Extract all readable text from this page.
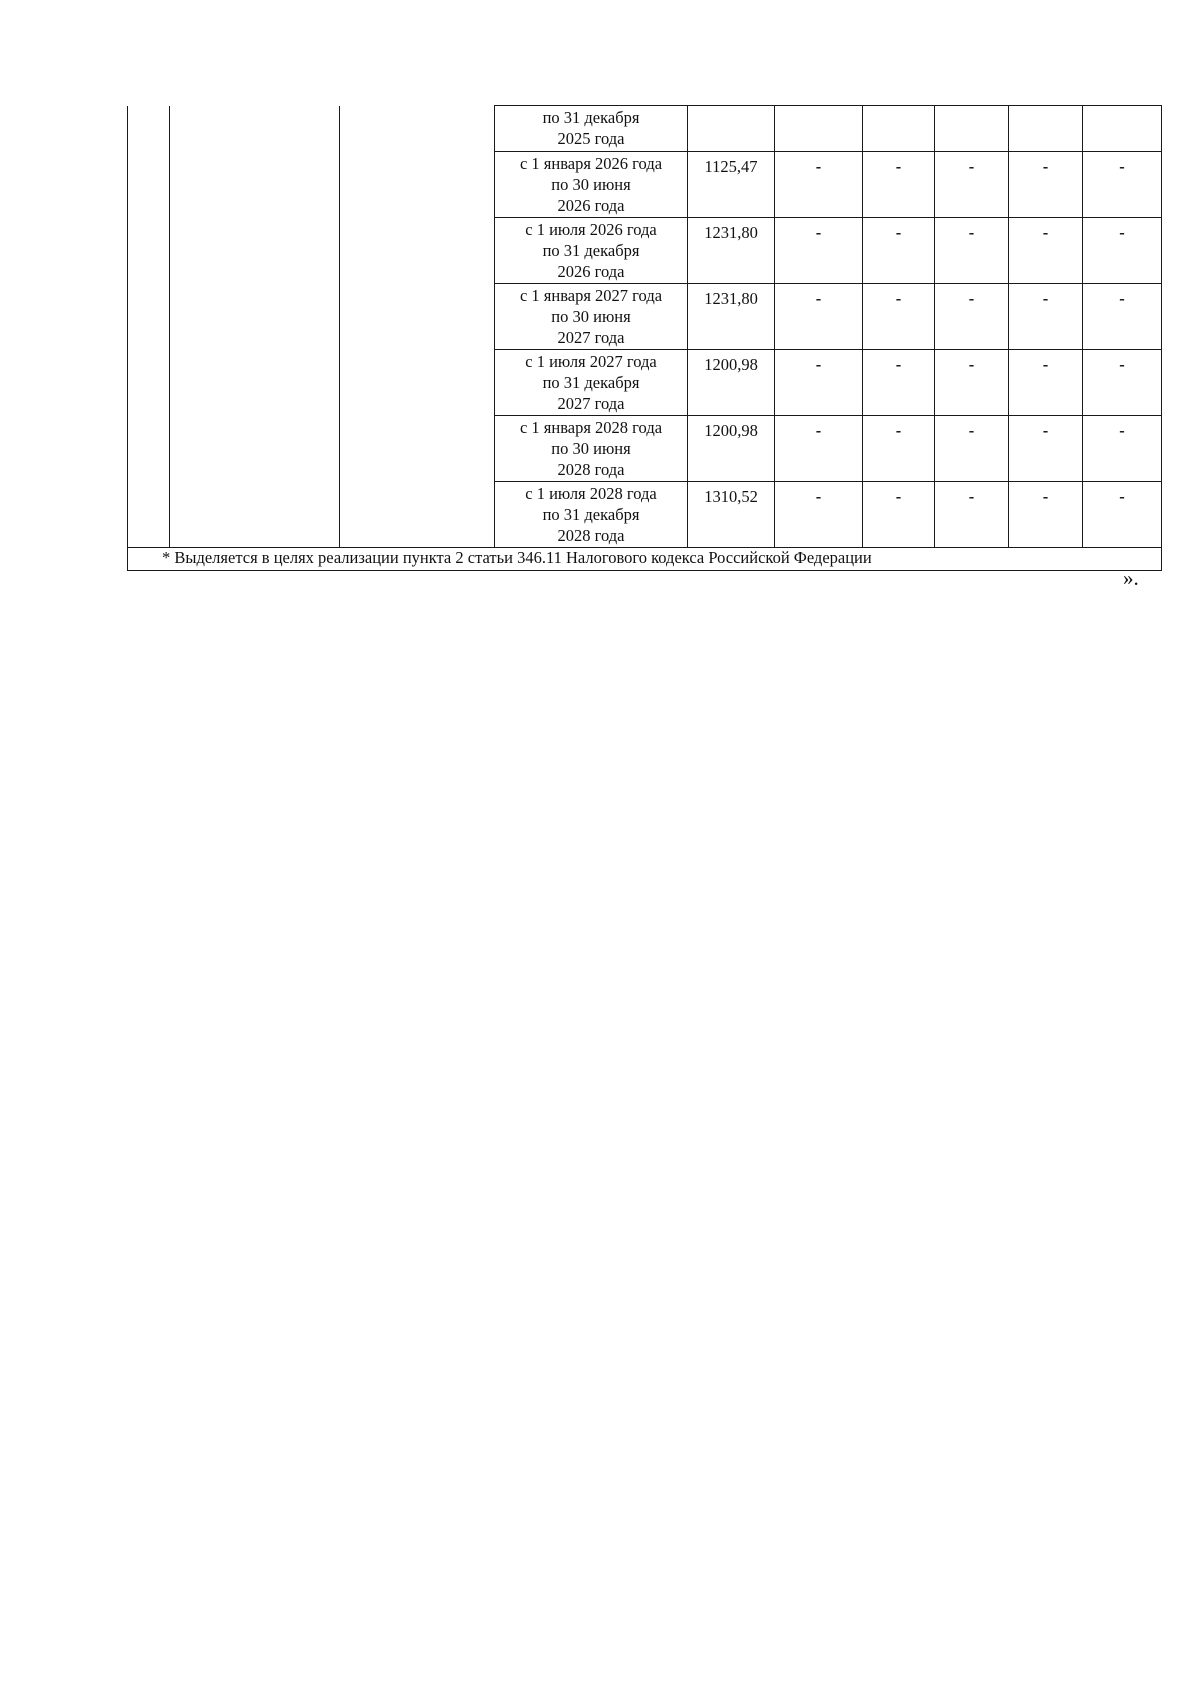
			по 31 декабря
2025 года						

			с 1 января 2026 года
по 30 июня
2026 года	1125,47	-	-	-	-	-

			с 1 июля 2026 года
по 31 декабря
2026 года	1231,80	-	-	-	-	-

			с 1 января 2027 года
по 30 июня
2027 года	1231,80	-	-	-	-	-

			с 1 июля 2027 года
по 31 декабря
2027 года	1200,98	-	-	-	-	-

			с 1 января 2028 года
по 30 июня
2028 года	1200,98	-	-	-	-	-

			с 1 июля 2028 года
по 31 декабря
2028 года	1310,52	-	-	-	-	-
* Выделяется в целях реализации пункта 2 статьи 346.11 Налогового кодекса Российской Федерации									
».
